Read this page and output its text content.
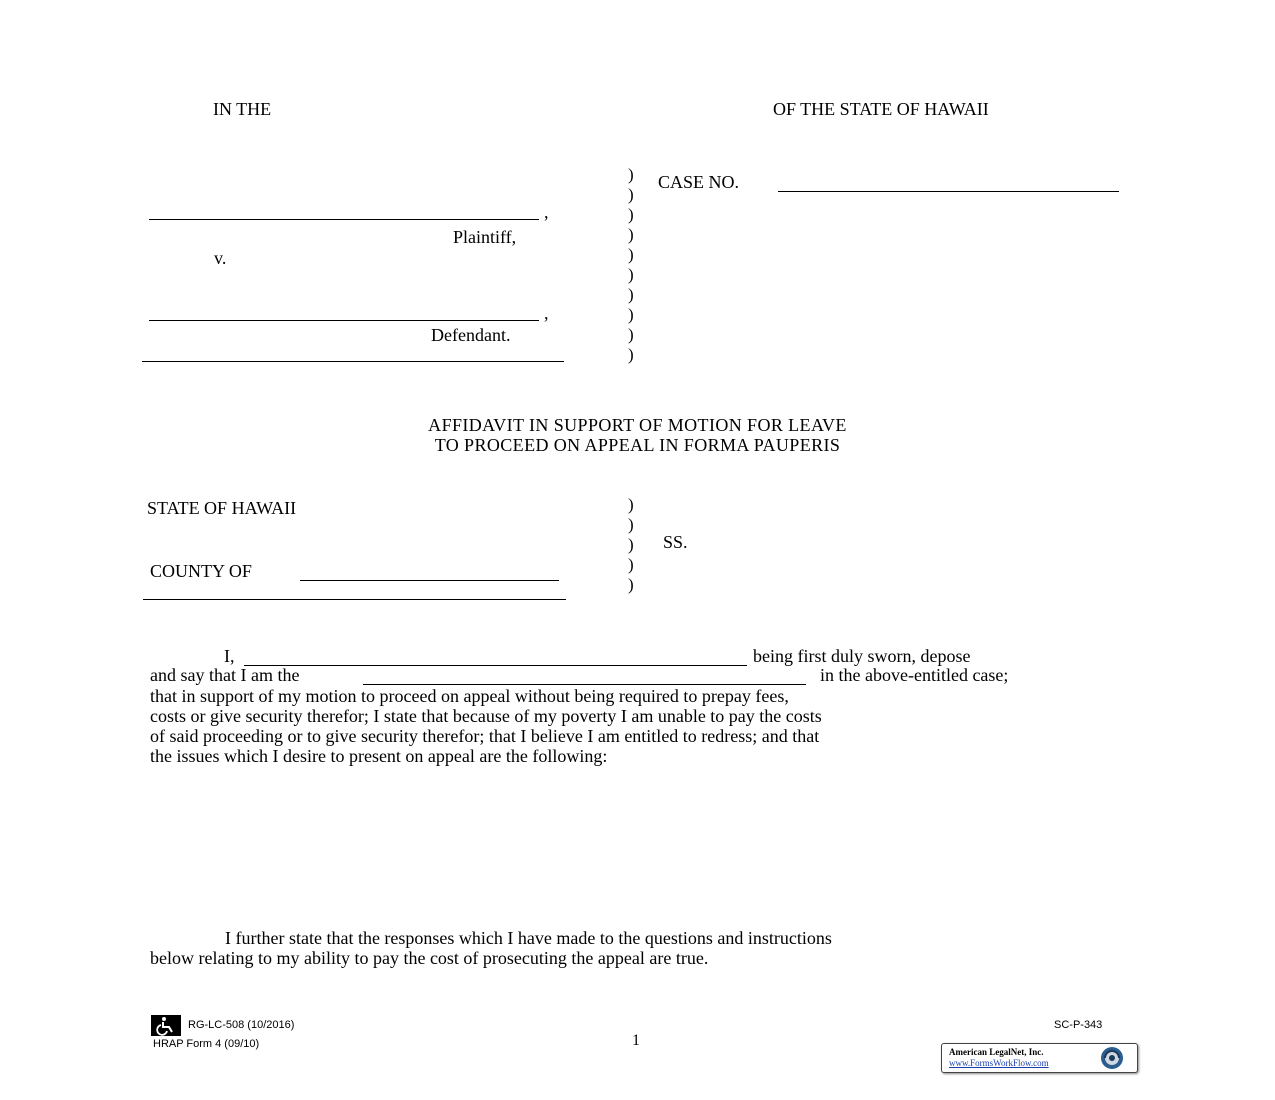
IN THE	OF THE STATE OF HAWAII
,
Plaintiff,
v.
,
Defendant.
)
)
)
)
)
)
)
)
)
)
CASE NO.
AFFIDAVIT IN SUPPORT OF MOTION FOR LEAVE
TO PROCEED ON APPEAL IN FORMA PAUPERIS
STATE OF HAWAII
COUNTY OF
)
)
)
)
)
SS.
I,	being first duly sworn, depose
and say that I am the	in the above-entitled case;
that in support of my motion to proceed on appeal without being required to prepay fees,
costs or give security therefor; I state that because of my poverty I am unable to pay the costs
of said proceeding or to give security therefor; that I believe I am entitled to redress; and that
the issues which I desire to present on appeal are the following:
I further state that the responses which I have made to the questions and instructions
below relating to my ability to pay the cost of prosecuting the appeal are true.
RG-LC-508 (10/2016)
HRAP Form 4 (09/10)	1
SC-P-343
American LegalNet, Inc.
www.FormsWorkFlow.com
